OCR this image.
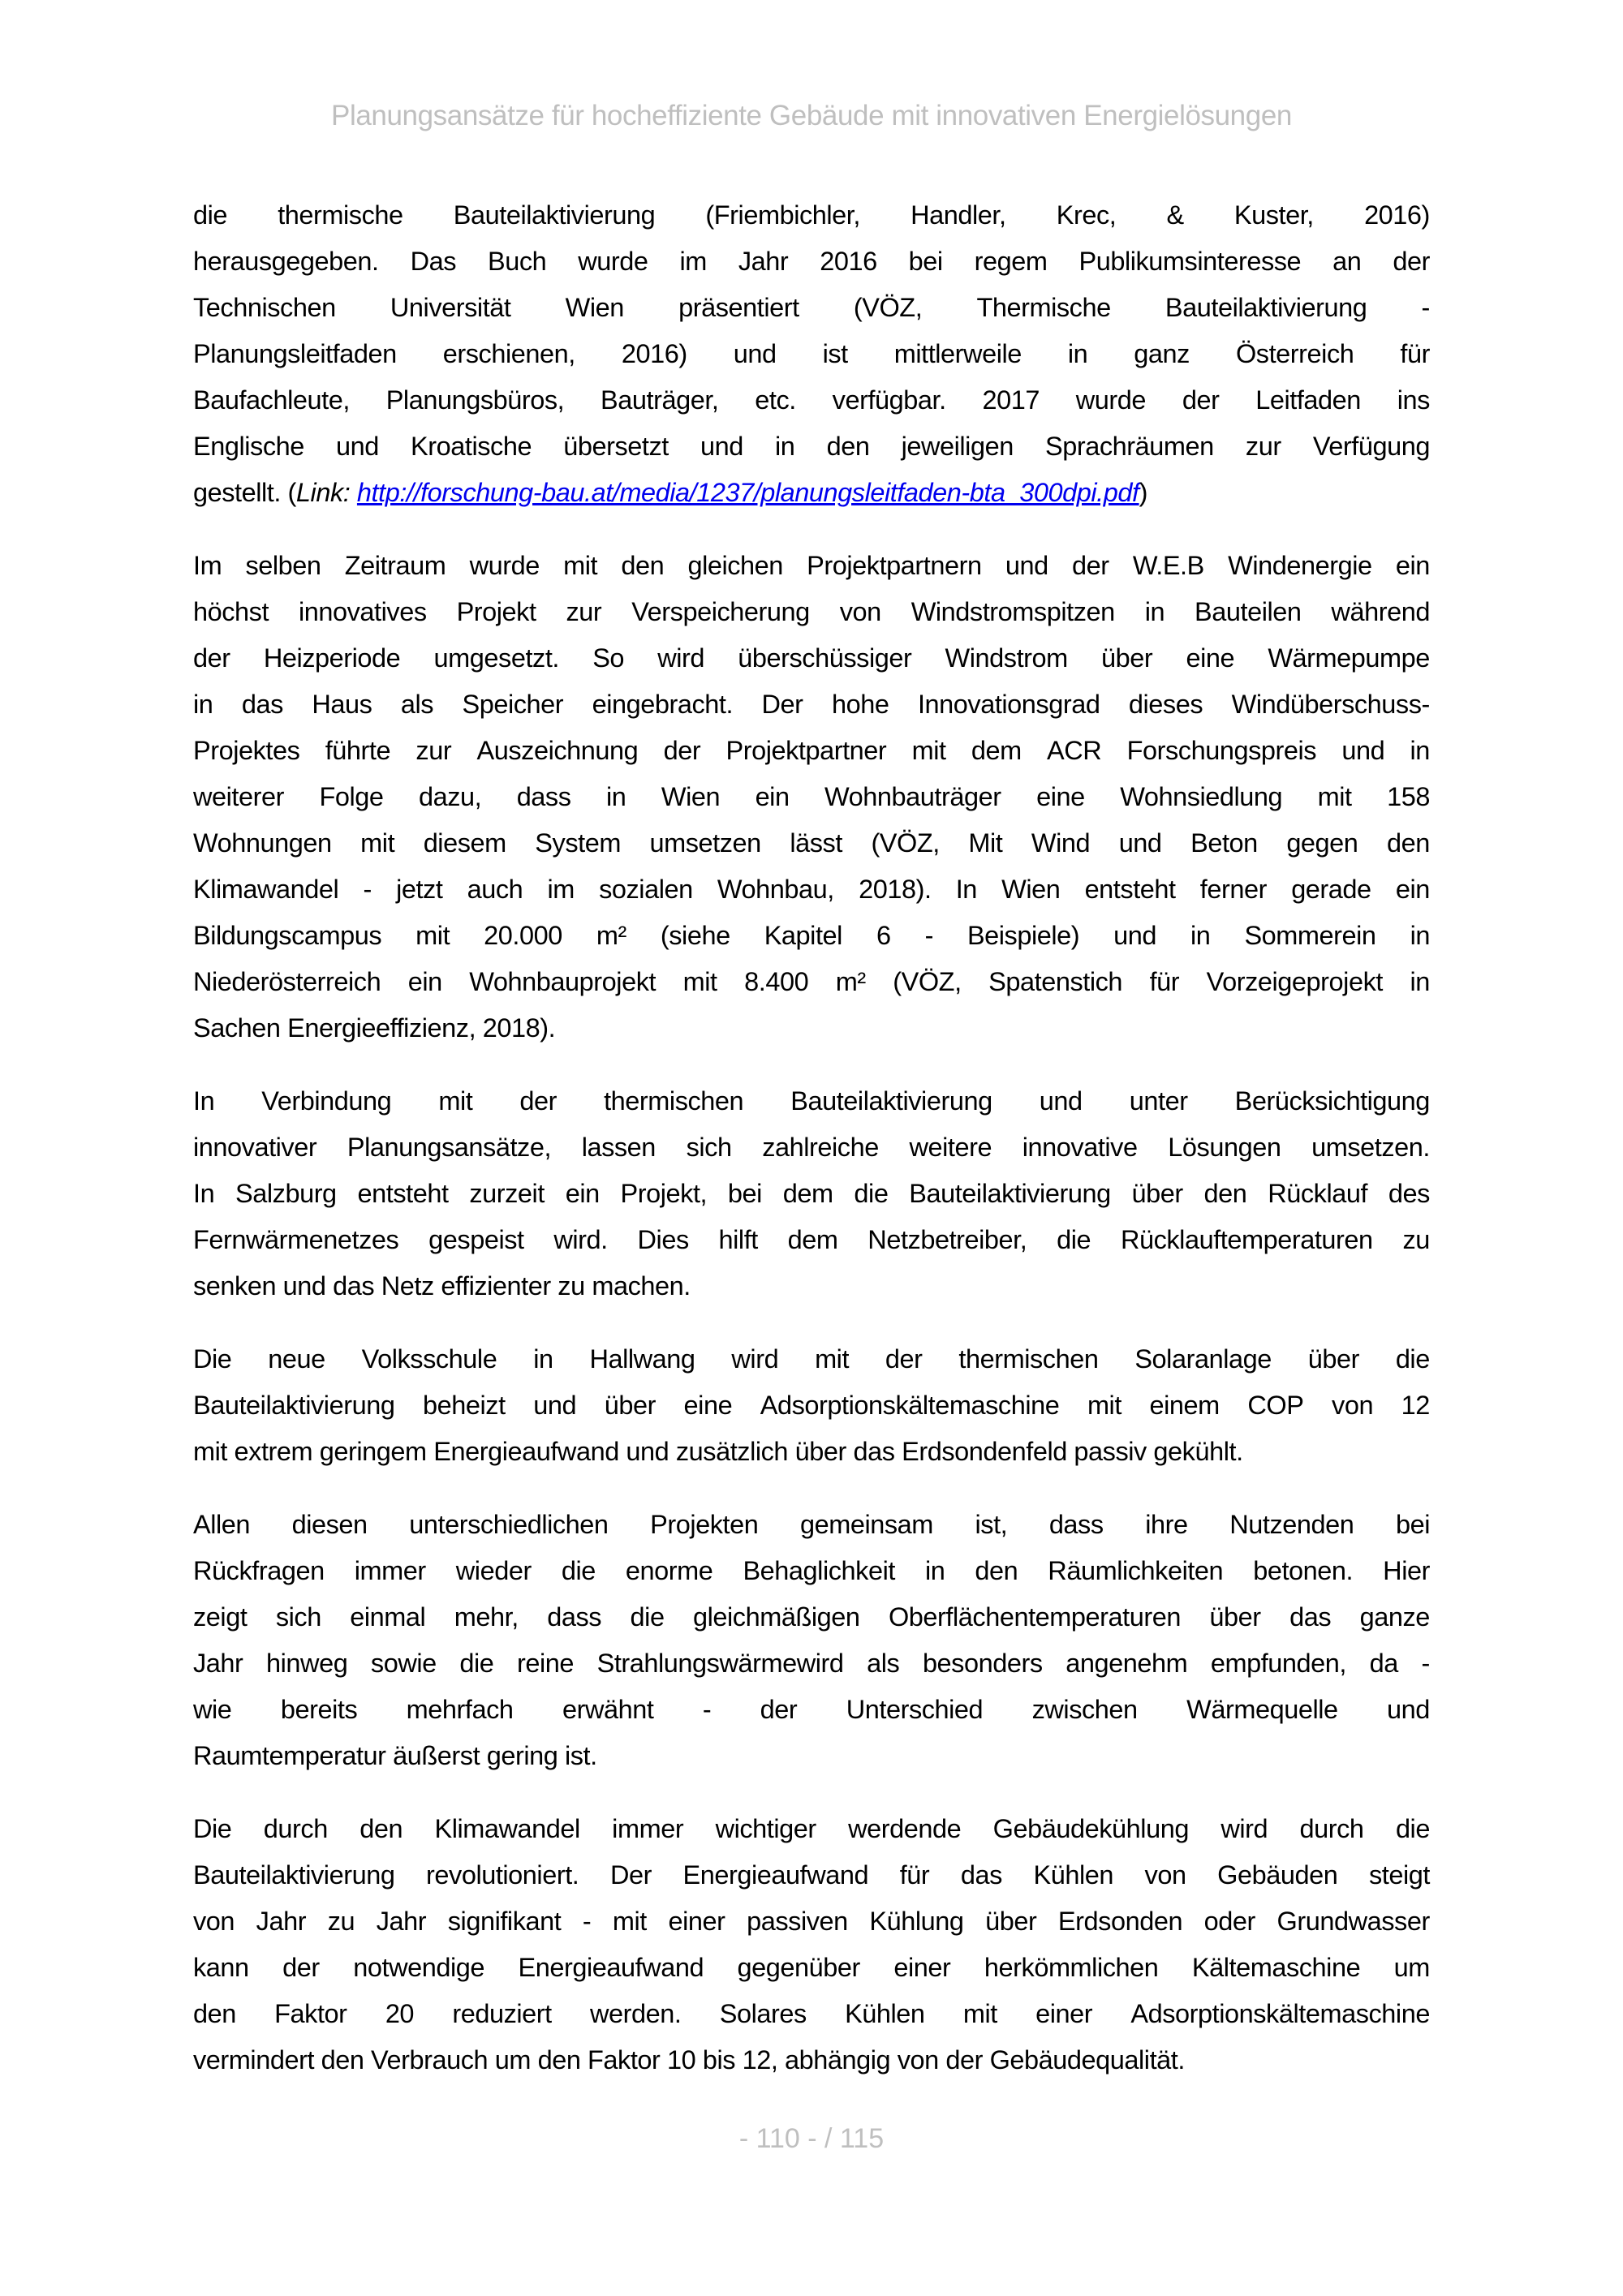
Planungsansätze für hocheffiziente Gebäude mit innovativen Energielösungen
die thermische Bauteilaktivierung (Friembichler, Handler, Krec, & Kuster, 2016)
herausgegeben. Das Buch wurde im Jahr 2016 bei regem Publikumsinteresse an der
Technischen Universität Wien präsentiert (VÖZ, Thermische Bauteilaktivierung -
Planungsleitfaden erschienen, 2016) und ist mittlerweile in ganz Österreich für
Baufachleute, Planungsbüros, Bauträger, etc. verfügbar. 2017 wurde der Leitfaden ins
Englische und Kroatische übersetzt und in den jeweiligen Sprachräumen zur Verfügung
gestellt. (Link: http://forschung-bau.at/media/1237/planungsleitfaden-bta_300dpi.pdf)
Im selben Zeitraum wurde mit den gleichen Projektpartnern und der W.E.B Windenergie ein
höchst innovatives Projekt zur Verspeicherung von Windstromspitzen in Bauteilen während
der Heizperiode umgesetzt. So wird überschüssiger Windstrom über eine Wärmepumpe
in das Haus als Speicher eingebracht. Der hohe Innovationsgrad dieses Windüberschuss-
Projektes führte zur Auszeichnung der Projektpartner mit dem ACR Forschungspreis und in
weiterer Folge dazu, dass in Wien ein Wohnbauträger eine Wohnsiedlung mit 158
Wohnungen mit diesem System umsetzen lässt (VÖZ, Mit Wind und Beton gegen den
Klimawandel - jetzt auch im sozialen Wohnbau, 2018). In Wien entsteht ferner gerade ein
Bildungscampus mit 20.000 m² (siehe Kapitel 6 - Beispiele) und in Sommerein in
Niederösterreich ein Wohnbauprojekt mit 8.400 m² (VÖZ, Spatenstich für Vorzeigeprojekt in
Sachen Energieeffizienz, 2018).
In Verbindung mit der thermischen Bauteilaktivierung und unter Berücksichtigung
innovativer Planungsansätze, lassen sich zahlreiche weitere innovative Lösungen umsetzen.
In Salzburg entsteht zurzeit ein Projekt, bei dem die Bauteilaktivierung über den Rücklauf des
Fernwärmenetzes gespeist wird. Dies hilft dem Netzbetreiber, die Rücklauftemperaturen zu
senken und das Netz effizienter zu machen.
Die neue Volksschule in Hallwang wird mit der thermischen Solaranlage über die
Bauteilaktivierung beheizt und über eine Adsorptionskältemaschine mit einem COP von 12
mit extrem geringem Energieaufwand und zusätzlich über das Erdsondenfeld passiv gekühlt.
Allen diesen unterschiedlichen Projekten gemeinsam ist, dass ihre Nutzenden bei
Rückfragen immer wieder die enorme Behaglichkeit in den Räumlichkeiten betonen. Hier
zeigt sich einmal mehr, dass die gleichmäßigen Oberflächentemperaturen über das ganze
Jahr hinweg sowie die reine Strahlungswärmewird als besonders angenehm empfunden, da -
wie bereits mehrfach erwähnt - der Unterschied zwischen Wärmequelle und
Raumtemperatur äußerst gering ist.
Die durch den Klimawandel immer wichtiger werdende Gebäudekühlung wird durch die
Bauteilaktivierung revolutioniert. Der Energieaufwand für das Kühlen von Gebäuden steigt
von Jahr zu Jahr signifikant - mit einer passiven Kühlung über Erdsonden oder Grundwasser
kann der notwendige Energieaufwand gegenüber einer herkömmlichen Kältemaschine um
den Faktor 20 reduziert werden. Solares Kühlen mit einer Adsorptionskältemaschine
vermindert den Verbrauch um den Faktor 10 bis 12, abhängig von der Gebäudequalität.
- 110 - / 115
